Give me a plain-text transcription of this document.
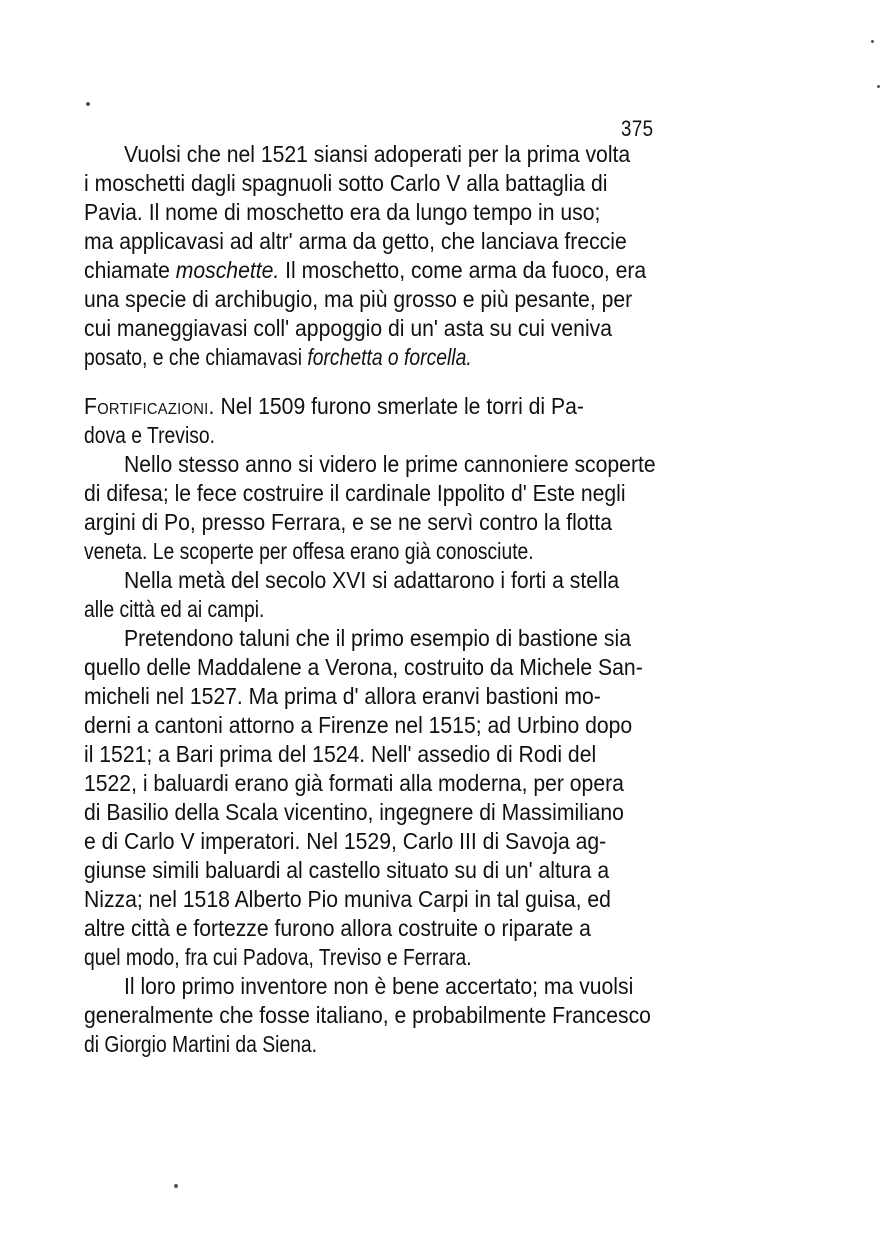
375
Vuolsi che nel 1521 siansi adoperati per la prima volta
i moschetti dagli spagnuoli sotto Carlo V alla battaglia di
Pavia. Il nome di moschetto era da lungo tempo in uso;
ma applicavasi ad altr' arma da getto, che lanciava freccie
chiamate moschette. Il moschetto, come arma da fuoco, era
una specie di archibugio, ma più grosso e più pesante, per
cui maneggiavasi coll' appoggio di un' asta su cui veniva
posato, e che chiamavasi forchetta o forcella.
Fortificazioni. Nel 1509 furono smerlate le torri di Pa-
dova e Treviso.
Nello stesso anno si videro le prime cannoniere scoperte
di difesa; le fece costruire il cardinale Ippolito d' Este negli
argini di Po, presso Ferrara, e se ne servì contro la flotta
veneta. Le scoperte per offesa erano già conosciute.
Nella metà del secolo XVI si adattarono i forti a stella
alle città ed ai campi.
Pretendono taluni che il primo esempio di bastione sia
quello delle Maddalene a Verona, costruito da Michele San-
micheli nel 1527. Ma prima d' allora eranvi bastioni mo-
derni a cantoni attorno a Firenze nel 1515; ad Urbino dopo
il 1521; a Bari prima del 1524. Nell' assedio di Rodi del
1522, i baluardi erano già formati alla moderna, per opera
di Basilio della Scala vicentino, ingegnere di Massimiliano
e di Carlo V imperatori. Nel 1529, Carlo III di Savoja ag-
giunse simili baluardi al castello situato su di un' altura a
Nizza; nel 1518 Alberto Pio muniva Carpi in tal guisa, ed
altre città e fortezze furono allora costruite o riparate a
quel modo, fra cui Padova, Treviso e Ferrara.
Il loro primo inventore non è bene accertato; ma vuolsi
generalmente che fosse italiano, e probabilmente Francesco
di Giorgio Martini da Siena.
